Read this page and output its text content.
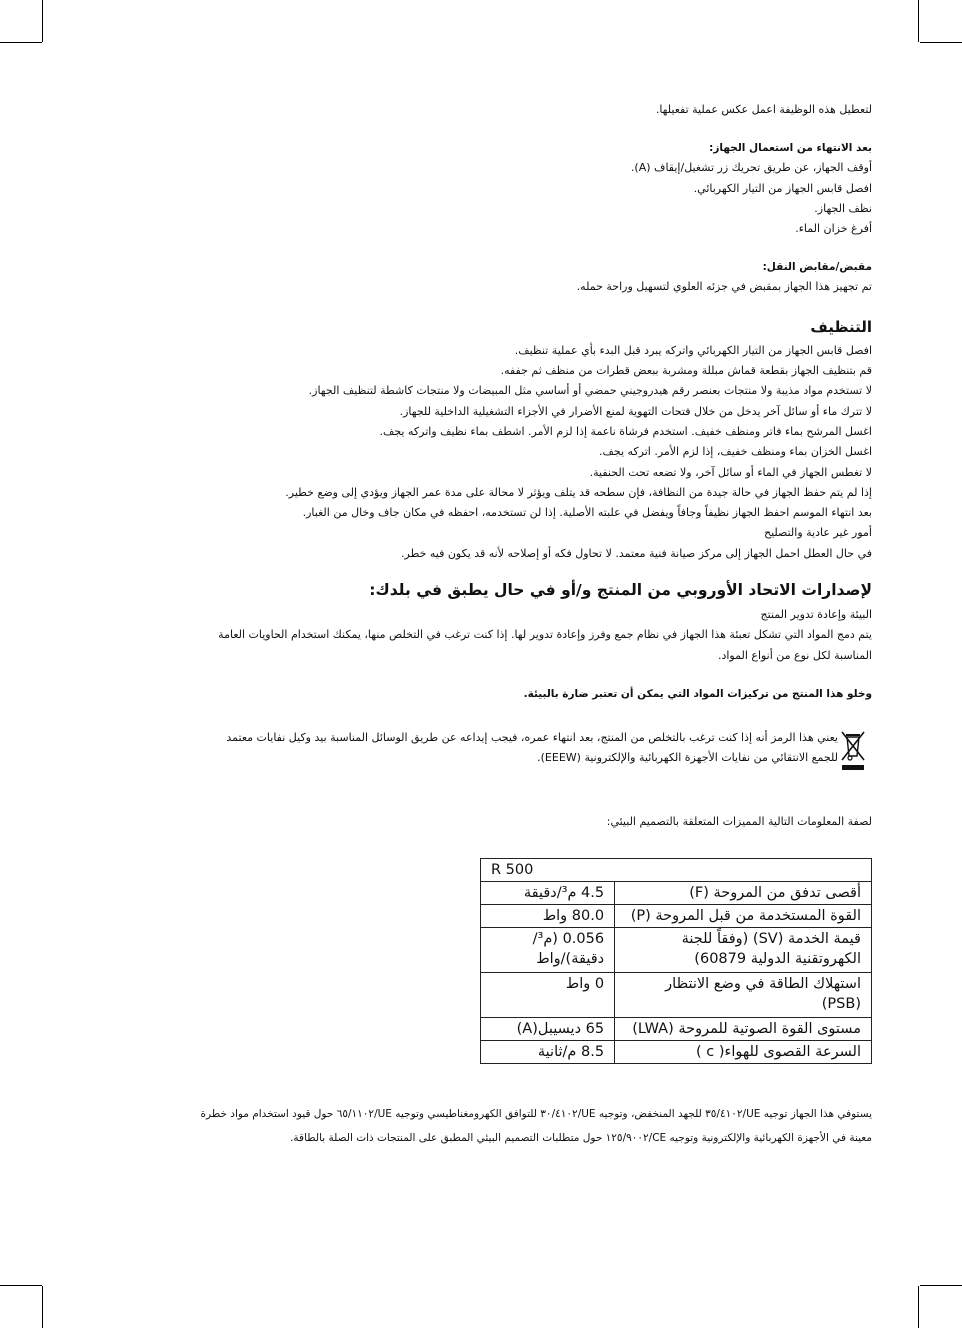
لتعطيل هذه الوظيفة اعمل عكس عملية تفعيلها.

بعد الانتهاء من استعمال الجهاز:

أوقف الجهاز، عن طريق تحريك زر تشغيل/إيقاف (A).

افصل قابس الجهاز من التيار الكهربائي.

نظف الجهاز.

أفرغ خزان الماء.

مقبض/مقابض النقل:

تم تجهيز هذا الجهاز بمقبض في جزئه العلوي لتسهيل وراحة حمله.

التنظيف

افصل قابس الجهاز من التيار الكهربائي واتركه يبرد قبل البدء بأي عملية تنظيف.

قم بتنظيف الجهاز بقطعة قماش مبللة ومشربة ببعض قطرات من منظف ثم جففه.

لا تستخدم مواد مذيبة ولا منتجات بعنصر رقم هيدروجيني حمضي أو أساسي مثل المبيضات ولا منتجات كاشطة لتنظيف الجهاز.

لا تترك ماء أو سائل آخر يدخل من خلال فتحات التهوية لمنع الأضرار في الأجزاء التشغيلية الداخلية للجهاز.

اغسل المرشح بماء فاتر ومنظف خفيف. استخدم فرشاة ناعمة إذا لزم الأمر. اشطف بماء نظيف واتركه يجف.

اغسل الخزان بماء ومنظف خفيف، إذا لزم الأمر. اتركه يجف.

لا تغطس الجهاز في الماء أو سائل آخر، ولا تضعه تحت الحنفية.

إذا لم يتم حفظ الجهاز في حالة جيدة من النظافة، فإن سطحه قد يتلف ويؤثر لا محالة على مدة عمر الجهاز ويؤدي إلى وضع خطير.

بعد انتهاء الموسم احفظ الجهاز نظيفاً وجافاً ويفضل في علبته الأصلية. إذا لن تستخدمه، احفظه في مكان جاف وخال من الغبار.

أمور غير عادية والتصليح

في حال العطل احمل الجهاز إلى مركز صيانة فنية معتمد. لا تحاول فكه أو إصلاحه لأنه قد يكون فيه خطر.

لإصدارات الاتحاد الأوروبي من المنتج و/أو في حال يطبق في بلدك:

البيئة وإعادة تدوير المنتج

يتم دمج المواد التي تشكل تعبئة هذا الجهاز في نظام جمع وفرز وإعادة تدوير لها. إذا كنت ترغب في التخلص منها، يمكنك استخدام الحاويات العامة المناسبة لكل نوع من أنواع المواد.

وخلو هذا المنتج من تركيزات المواد التي يمكن أن تعتبر ضارة بالبيئة.

يعني هذا الرمز أنه إذا كنت ترغب بالتخلص من المنتج، بعد انتهاء عمره، فيجب إيداعه عن طريق الوسائل المناسبة بيد وكيل نفايات معتمد للجمع الانتقائي من نفايات الأجهزة الكهربائية والإلكترونية (EEEW).

لصفة المعلومات التالية المميزات المتعلقة بالتصميم البيئي:

R 500	
أقصى تدفق من المروحة (F)	4.5 م³/دقيقة
القوة المستخدمة من قبل المروحة (P)	80.0 واط
قيمة الخدمة (SV) (وفقاً للجنة الكهروتقنية الدولية 60879)	0.056 (م³/دقيقة)/واط
استهلاك الطاقة في وضع الانتظار (PSB)	0 واط
مستوى القوة الصوتية للمروحة (LWA)	65 ديسيبل(A)
السرعة القصوى للهواء( c )	8.5 م/ثانية

يستوفي هذا الجهاز توجيه UE/٣٥/٤١٠٢ للجهد المنخفض، وتوجيه UE/٣٠/٤١٠٢ للتوافق الكهرومغناطيسي وتوجيه UE/٦٥/١١٠٢ حول قيود استخدام مواد خطرة

معينة في الأجهزة الكهربائية والإلكترونية وتوجيه CE/١٢٥/٩٠٠٢ حول متطلبات التصميم البيئي المطبق على المنتجات ذات الصلة بالطاقة.
